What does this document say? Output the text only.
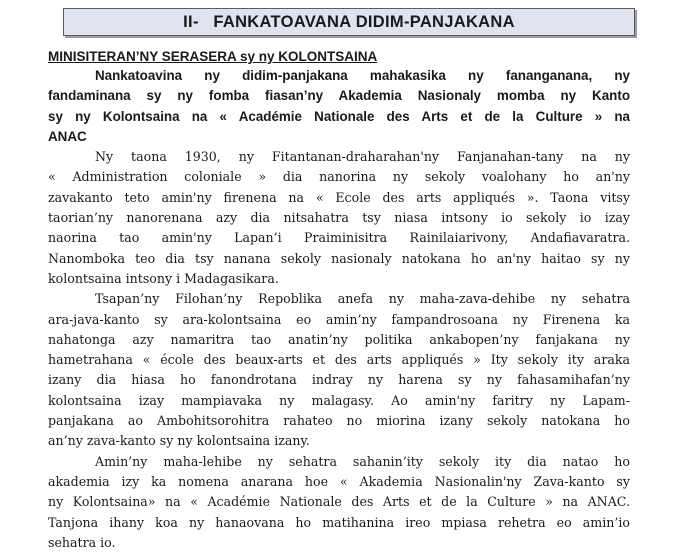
II-   FANKATOAVANA DIDIM-PANJAKANA
MINISITERAN’NY SERASERA sy ny KOLONTSAINA
Nankatoavina ny didim-panjakana mahakasika ny fananganana, ny
fandaminana sy ny fomba fiasan’ny Akademia Nasionaly momba ny Kanto
sy ny Kolontsaina na « Académie Nationale des Arts et de la Culture » na
ANAC
Ny taona 1930, ny Fitantanan-draharahan'ny Fanjanahan-tany na ny
« Administration coloniale » dia nanorina ny sekoly voalohany ho an'ny
zavakanto teto amin'ny firenena na « Ecole des arts appliqués ». Taona vitsy
taorian’ny nanorenana azy dia nitsahatra tsy niasa intsony io sekoly io izay
naorina tao amin'ny Lapan’i Praiminisitra Rainilaiarivony, Andafiavaratra.
Nanomboka teo dia tsy nanana sekoly nasionaly natokana ho an'ny haitao sy ny
kolontsaina intsony i Madagasikara.
Tsapan’ny Filohan’ny Repoblika anefa ny maha-zava-dehibe ny sehatra
ara-java-kanto sy ara-kolontsaina eo amin’ny fampandrosoana ny Firenena ka
nahatonga azy namaritra tao anatin’ny politika ankabopen’ny fanjakana ny
hametrahana « école des beaux-arts et des arts appliqués » Ity sekoly ity araka
izany dia hiasa ho fanondrotana indray ny harena sy ny fahasamihafan’ny
kolontsaina izay mampiavaka ny malagasy. Ao amin'ny faritry ny Lapam-
panjakana ao Ambohitsorohitra rahateo no miorina izany sekoly natokana ho
an’ny zava-kanto sy ny kolontsaina izany.
Amin’ny maha-lehibe ny sehatra sahanin’ity sekoly ity dia natao ho
akademia izy ka nomena anarana hoe « Akademia Nasionalin'ny Zava-kanto sy
ny Kolontsaina» na « Académie Nationale des Arts et de la Culture » na ANAC.
Tanjona ihany koa ny hanaovana ho matihanina ireo mpiasa rehetra eo amin’io
sehatra io.
